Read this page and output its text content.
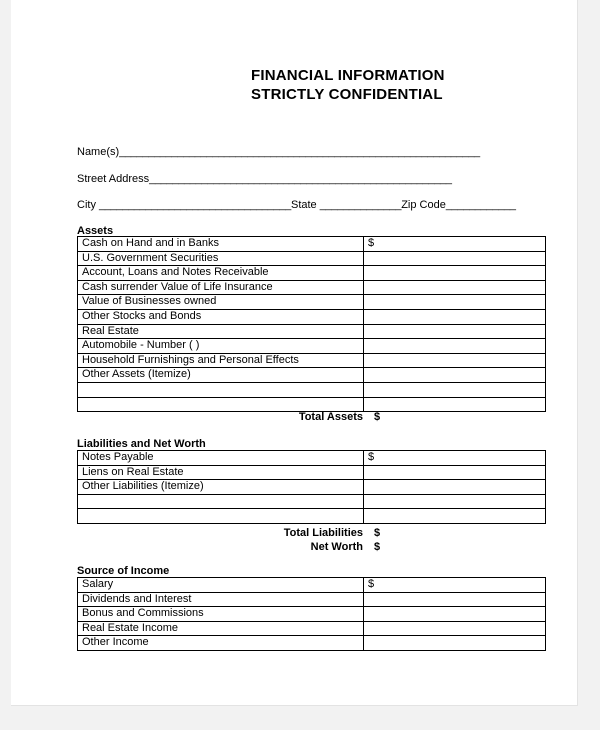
FINANCIAL INFORMATION
STRICTLY CONFIDENTIAL
Name(s)______________________________________________________________
Street Address____________________________________________________
City _________________________________State ______________Zip Code____________
Assets
Cash on Hand and in Banks	$
U.S. Government Securities	
Account, Loans and Notes Receivable	
Cash surrender Value of Life Insurance	
Value of Businesses owned	
Other Stocks and Bonds	
Real Estate	
Automobile - Number ( )	
Household Furnishings and Personal Effects	
Other Assets (Itemize)	

Total Assets $
Liabilities and Net Worth
Notes Payable	$
Liens on Real Estate	
Other Liabilities (Itemize)	

Total Liabilities $
Net Worth $
Source of Income
Salary	$
Dividends and Interest	
Bonus and Commissions	
Real Estate Income	
Other Income	
